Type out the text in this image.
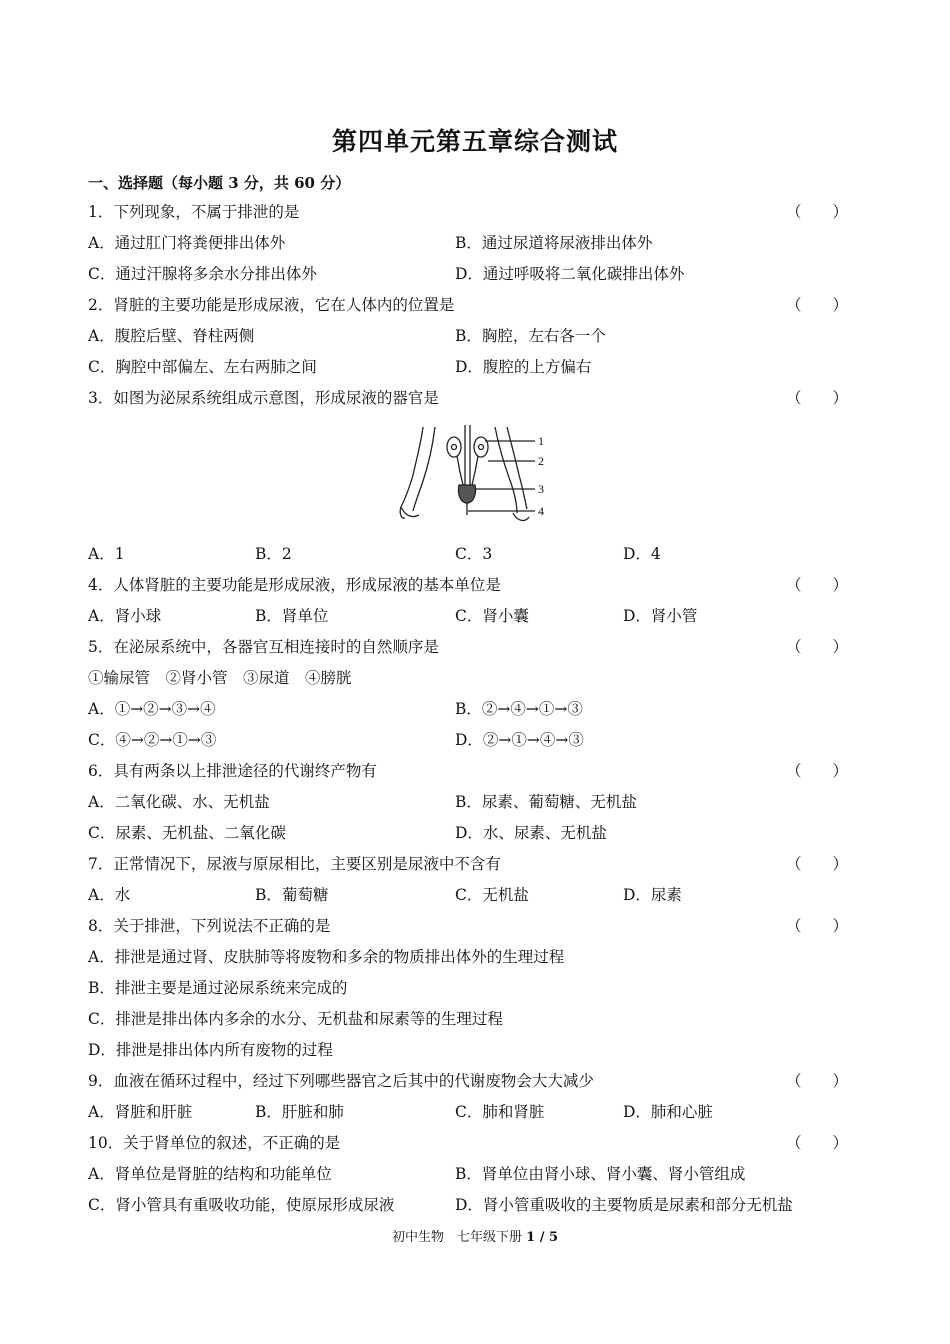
第四单元第五章综合测试
一、选择题（每小题 3 分，共 60 分）
1．下列现象，不属于排泄的是	（　　）
A．通过肛门将粪便排出体外	B．通过尿道将尿液排出体外
C．通过汗腺将多余水分排出体外	D．通过呼吸将二氧化碳排出体外
2．肾脏的主要功能是形成尿液，它在人体内的位置是	（　　）
A．腹腔后壁、脊柱两侧	B．胸腔，左右各一个
C．胸腔中部偏左、左右两肺之间	D．腹腔的上方偏右
3．如图为泌尿系统组成示意图，形成尿液的器官是	（　　）
1
2
3
4
A．1	B．2	C．3	D．4
4．人体肾脏的主要功能是形成尿液，形成尿液的基本单位是	（　　）
A．肾小球	B．肾单位	C．肾小囊	D．肾小管
5．在泌尿系统中，各器官互相连接时的自然顺序是	（　　）
①输尿管　②肾小管　③尿道　④膀胱
A．①→②→③→④	B．②→④→①→③
C．④→②→①→③	D．②→①→④→③
6．具有两条以上排泄途径的代谢终产物有	（　　）
A．二氧化碳、水、无机盐	B．尿素、葡萄糖、无机盐
C．尿素、无机盐、二氧化碳	D．水、尿素、无机盐
7．正常情况下，尿液与原尿相比，主要区别是尿液中不含有	（　　）
A．水	B．葡萄糖	C．无机盐	D．尿素
8．关于排泄，下列说法不正确的是	（　　）
A．排泄是通过肾、皮肤肺等将废物和多余的物质排出体外的生理过程
B．排泄主要是通过泌尿系统来完成的
C．排泄是排出体内多余的水分、无机盐和尿素等的生理过程
D．排泄是排出体内所有废物的过程
9．血液在循环过程中，经过下列哪些器官之后其中的代谢废物会大大减少	（　　）
A．肾脏和肝脏	B．肝脏和肺	C．肺和肾脏	D．肺和心脏
10．关于肾单位的叙述，不正确的是	（　　）
A．肾单位是肾脏的结构和功能单位	B．肾单位由肾小球、肾小囊、肾小管组成
C．肾小管具有重吸收功能，使原尿形成尿液	D．肾小管重吸收的主要物质是尿素和部分无机盐
初中生物　七年级下册 1 / 5
